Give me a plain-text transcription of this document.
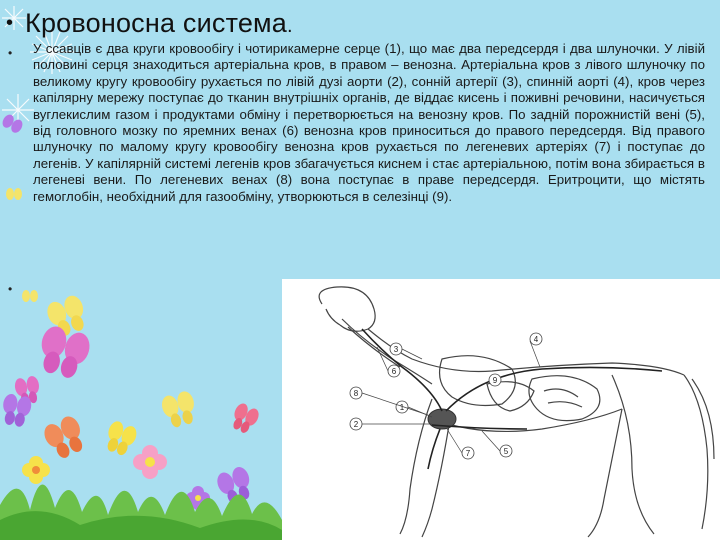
• Кровоносна система.
• У ссавців є два круги кровообігу і чотирикамерне серце (1), що має два передсердя і два шлуночки. У лівій половині серця знаходиться артеріальна кров, в правом – венозна. Артеріальна кров з лівого шлуночку по великому кругу кровообігу рухається по лівій дузі аорти (2), сонній артерії (3), спинній аорті (4), кров через капілярну мережу поступає до тканин внутрішніх органів, де віддає кисень і поживні речовини, насичується вуглекислим газом і продуктами обміну і перетворюється на венозну кров. По задній порожнистій вені (5), від головного мозку по яремних венах (6) венозна кров приноситься до правого передсердя. Від правого шлуночку по малому кругу кровообігу венозна кров рухається по легеневих артеріях (7) і поступає до легенів. У капілярній системі легенів кров збагачується киснем і стає артеріальною, потім вона збирається в легеневі вени. По легеневих венах (8) вона поступає в праве передсердя. Еритроцити, що містять гемоглобін, необхідний для газообміну, утворюються в селезінці (9).

•
1
2
3
4
5
6
7
8
9
